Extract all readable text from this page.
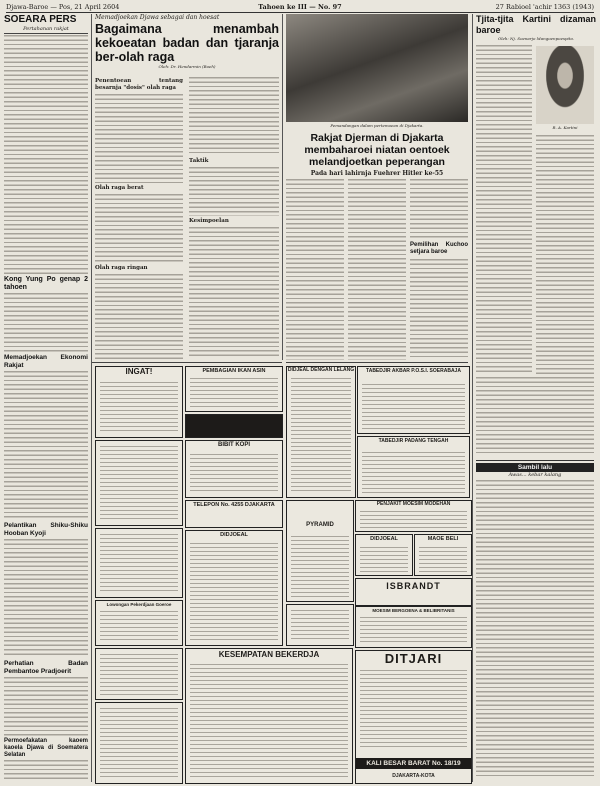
Djawa-Baroe — Pos, 21 April 2604	Tahoen ke III — No. 97	27 Rabioel 'achir 1363 (1943)
SOEARA PERS
Pertahanan rakjat
Kong Yung Po genap 2 tahoen
Memadjoekan Ekonomi Rakjat
Pelantikan Shiku-Shiku Hooban Kyoji
Perhatian Badan Pembantoe Pradjoerit
Permoefakatan kaoem kaoela Djawa di Soematera Selatan
Memadjoekan Djawa sebagai dan hoesat
Bagaimana menambah kekoeatan badan dan tjaranja ber-olah raga
Oleh: Dr. Hendarmin (Boeh)
Penentoean tentang besarnja "dosis" olah raga
Olah raga berat
Olah raga ringan
Taktik
Kesimpoelan
Pemandangan dalam pertemoean di Djakarta.
Rakjat Djerman di Djakarta membaharoei niatan oentoek melandjoetkan peperangan
Pada hari lahirnja Fuehrer Hitler ke-55
Pemilihan Kuchoo setjara baroe
Tjita-tjita Kartini dizaman baroe
Oleh: Nj. Soenarjo Mangoenpoespito.
R. A. Kartini
Sambil lalu
Awas... kebar kalang
TABEDJIR AKBAR P.O.S.I. SOERABAJA
TABEDJIR PADANG TENGAH
INGAT!	PEMBAGIAN IKAN ASIN
BIBIT KOPI
DIDJEAL DENGAN LELANG
TELEPON No. 4255 DJAKARTA
PYRAMID
PENJAKIT MOESIM MODEHAN
DIDJOEAL	MAOE BELI
ISBRANDT
MOESIM BERGOENA & BELIBRITANIS
Lowongan Pekerdjaan Goeroe
DIDJOEAL
KESEMPATAN BEKERDJA	DITJARI
KALI BESAR BARAT No. 18/19
DJAKARTA-KOTA
